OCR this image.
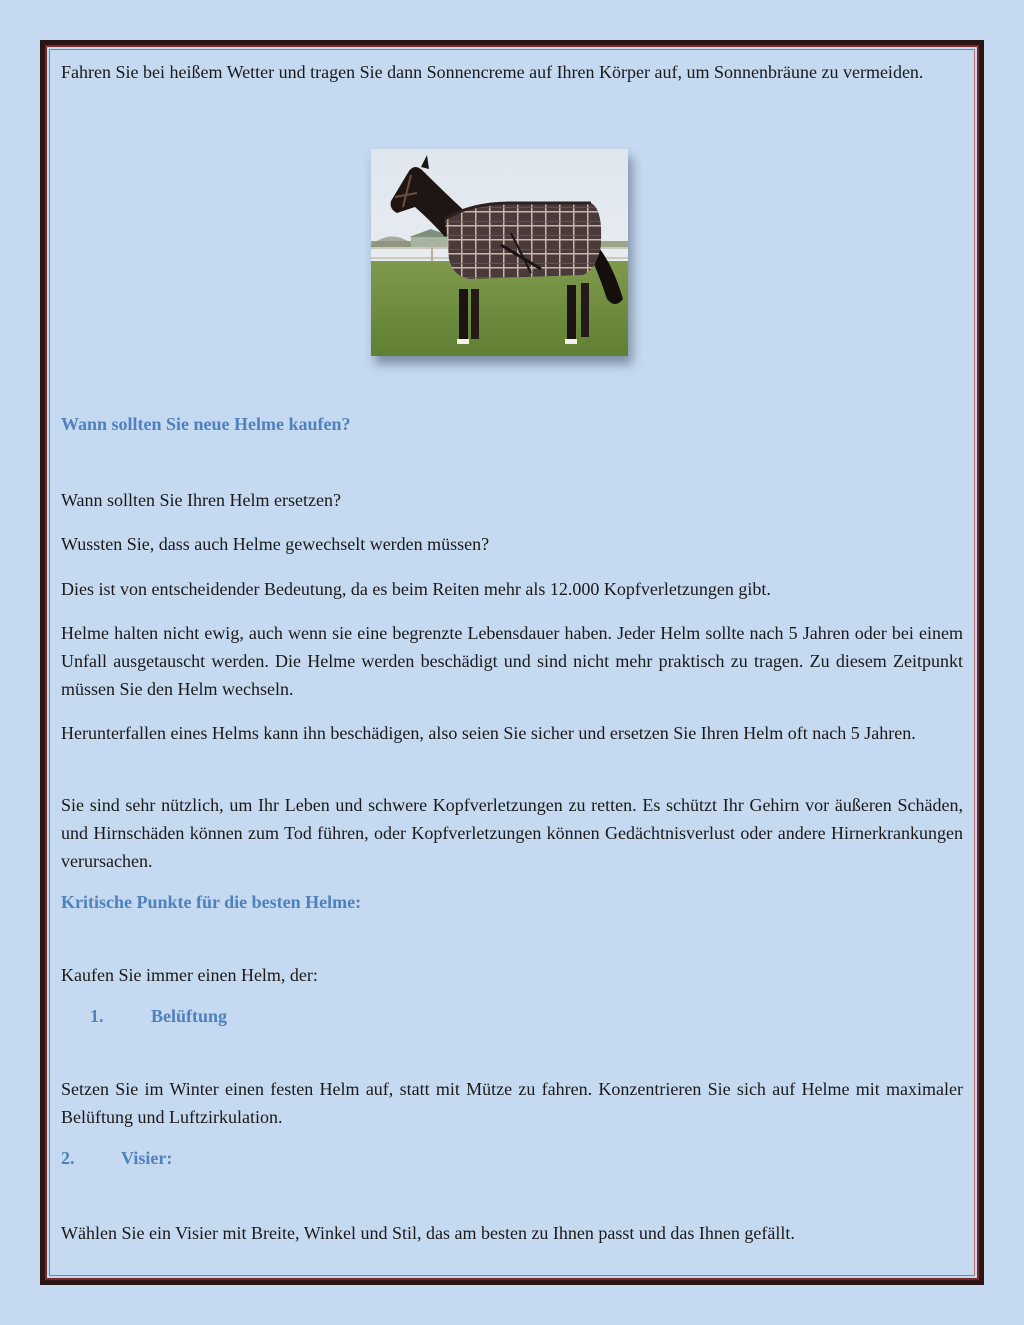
Fahren Sie bei heißem Wetter und tragen Sie dann Sonnencreme auf Ihren Körper auf, um Sonnenbräune zu vermeiden.

Wann sollten Sie neue Helme kaufen?

Wann sollten Sie Ihren Helm ersetzen?

Wussten Sie, dass auch Helme gewechselt werden müssen?

Dies ist von entscheidender Bedeutung, da es beim Reiten mehr als 12.000 Kopfverletzungen gibt.

Helme halten nicht ewig, auch wenn sie eine begrenzte Lebensdauer haben. Jeder Helm sollte nach 5 Jahren oder bei einem Unfall ausgetauscht werden. Die Helme werden beschädigt und sind nicht mehr praktisch zu tragen. Zu diesem Zeitpunkt müssen Sie den Helm wechseln.

Herunterfallen eines Helms kann ihn beschädigen, also seien Sie sicher und ersetzen Sie Ihren Helm oft nach 5 Jahren.

Sie sind sehr nützlich, um Ihr Leben und schwere Kopfverletzungen zu retten. Es schützt Ihr Gehirn vor äußeren Schäden, und Hirnschäden können zum Tod führen, oder Kopfverletzungen können Gedächtnisverlust oder andere Hirnerkrankungen verursachen.

Kritische Punkte für die besten Helme:

Kaufen Sie immer einen Helm, der:

1.	Belüftung

Setzen Sie im Winter einen festen Helm auf, statt mit Mütze zu fahren. Konzentrieren Sie sich auf Helme mit maximaler Belüftung und Luftzirkulation.

2.	Visier:

Wählen Sie ein Visier mit Breite, Winkel und Stil, das am besten zu Ihnen passt und das Ihnen gefällt.
